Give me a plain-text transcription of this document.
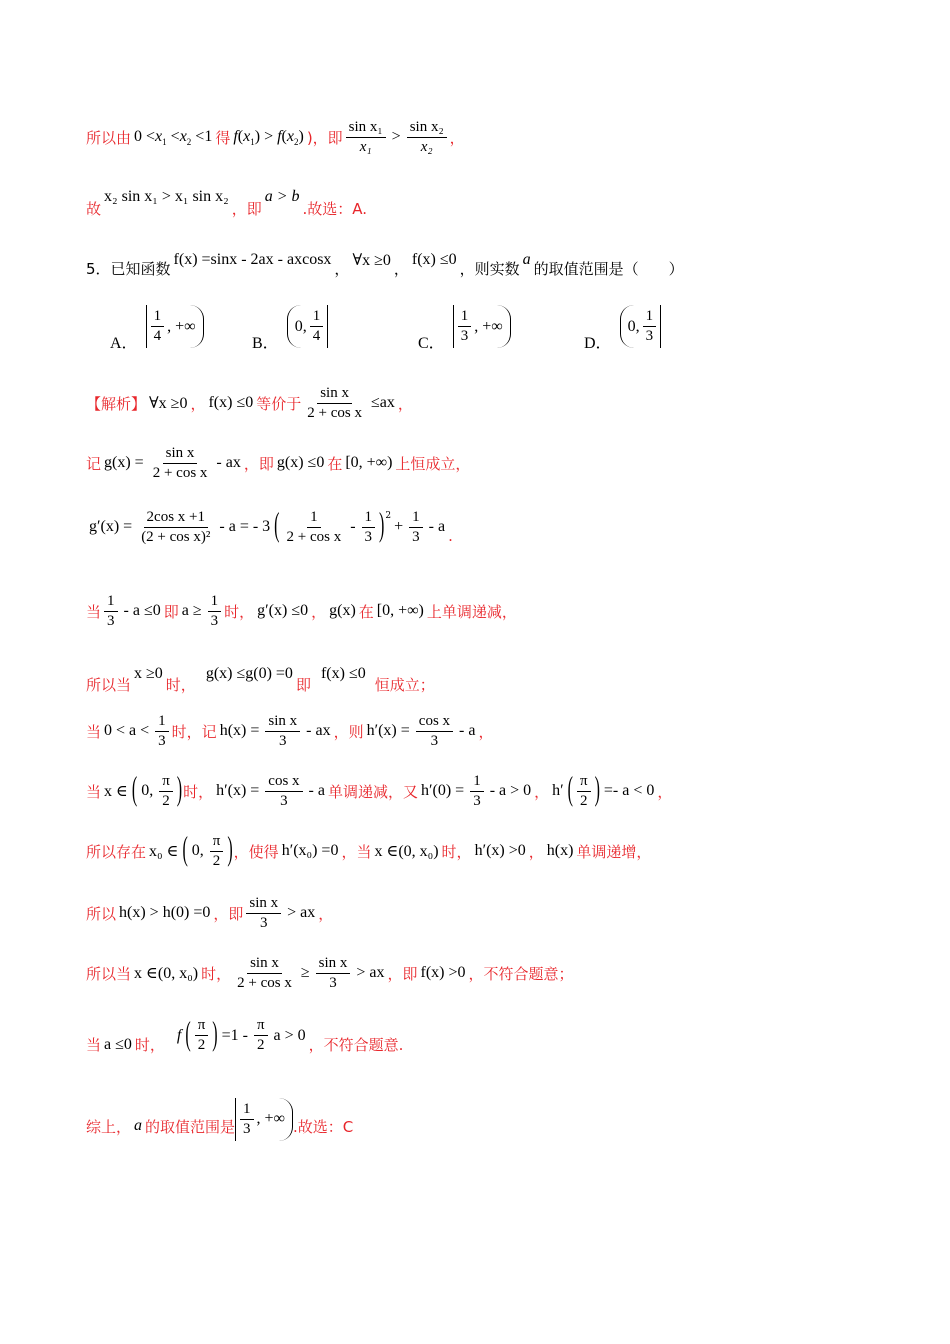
所以由 $0 <x_1 <x_2 <1$ 得 $f(x_1) > f(x_2)$ )，即 $\frac{\text{sin x₁}}{\text{x₁}} > \frac{\text{sin x₂}}{\text{x₂}}$ ，
故
x₂ sin x₁ > x₁ sin x₂
，即
a > b
.故选：A.
5．已知函数
f(x) =sinx - 2ax - axcosx
， ∀x ≥0 ，
f(x) ≤0
，则实数
a
的取值范围是（　　）
A． $\frac{1}{4}$ , +∞
B．
0, $\frac{1}{4}$	C． $\frac{1}{3}$ , +∞
D．
0, $\frac{1}{3}$
【解析】 ∀x ≥0 ， f(x) ≤0 等价于 $\frac{\text{sin x}}{\text{2 + cos x}} \le ax$ ，
记 $g(x) = \frac{\text{sin x}}{\text{2 + cos x}}$ - ax ，即 g(x) ≤0 在 [0, +∞) 上恒成立，
$g'(x) = \frac{\text{2cos x +1}}{\text{(2 + cos x)²}} - a$ = - 3 ( $\frac{1}{\text{2 + cos x}} - \frac{1}{3} )^2$
+ $\frac{1}{3}$ - a
.
当 $\frac{1}{3} - a \le 0$ 即 $a \ge \frac{1}{3}$ 时， g′(x) ≤0 ， g(x) 在 [0, +∞) 上单调递减，
所以当
x ≥0
时，
g(x) ≤g(0) =0
即
f(x) ≤0
恒成立；
当 $0 < a < \frac{1}{3}$ 时，记 $h(x) = \frac{\text{sin x}}{3}$ - ax ，则 $h'(x) = \frac{\text{cos x}}{3} - a$ ，
当 x ∈ ( 0, $\frac{\pi}{2}$ ) 时， $h'(x) = \frac{\text{cos x}}{3} - a$ 单调递减，又 $h'(0) = \frac{1}{3} - a > 0$ ， h′ ( $\frac{\pi}{2}$ ) =- a < 0 ，
所以存在 x₀ ∈ ( 0, $\frac{\pi}{2}$ ) ，使得 h′(x₀) =0 ，当 x ∈(0, x₀) 时， h′(x) >0 ， h(x) 单调递增，
所以 h(x) > h(0) =0 ，即 $\frac{\text{sin x}}{3}$ > ax ，
所以当 x ∈(0, x₀) 时， $\frac{\text{sin x}}{\text{2 + cos x}} \ge \frac{\text{sin x}}{3}$ > ax ，即 f(x) >0 ，不符合题意；
当 a ≤0 时，
f ( $\frac{\pi}{2}$ ) $=1 - \frac{\pi}{2}$ a > 0
，不符合题意.
综上， a 的取值范围是 $\frac{1}{3}$ , +∞ .故选：C
